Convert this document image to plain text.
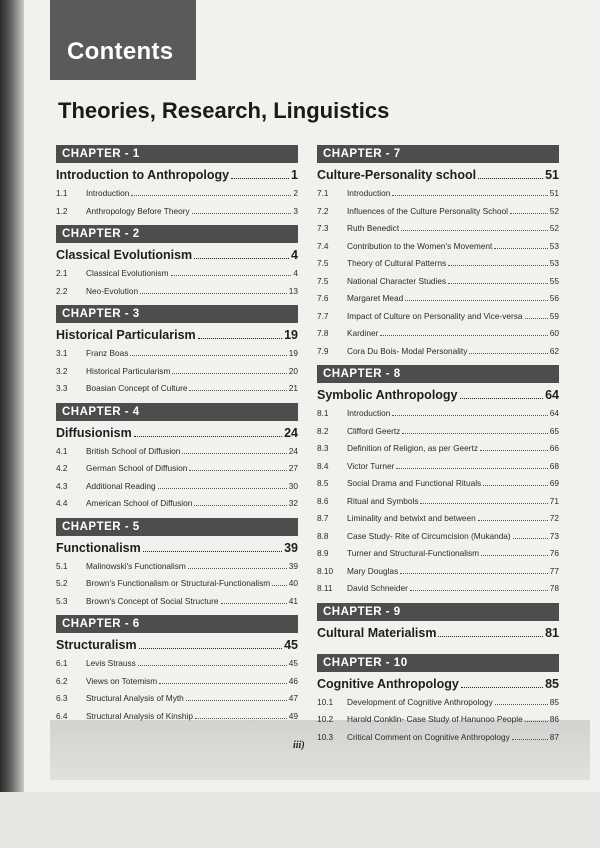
Contents
Theories, Research, Linguistics
CHAPTER - 1
Introduction to Anthropology	1
1.1	Introduction	2
1.2	Anthropology Before Theory	3
CHAPTER - 2
Classical Evolutionism	4
2.1	Classical Evolutionism	4
2.2	Neo-Evolution	13
CHAPTER - 3
Historical Particularism	19
3.1	Franz Boas	19
3.2	Historical Particularism	20
3.3	Boasian Concept of Culture	21
CHAPTER - 4
Diffusionism	24
4.1	British School of Diffusion	24
4.2	German School of Diffusion	27
4.3	Additional Reading	30
4.4	American School of Diffusion	32
CHAPTER - 5
Functionalism	39
5.1	Malinowski's Functionalism	39
5.2	Brown's Functionalism or Structural-Functionalism 40
5.3	Brown's Concept of Social Structure	41
CHAPTER - 6
Structuralism	45
6.1	Levis Strauss	45
6.2	Views on Totemism	46
6.3	Structural Analysis of Myth	47
6.4	Structural Analysis of Kinship	49
CHAPTER - 7
Culture-Personality school	51
7.1	Introduction	51
7.2	Influences of the Culture Personality School	52
7.3	Ruth Benedict	52
7.4	Contribution to the Women's Movement	53
7.5	Theory of Cultural Patterns	53
7.5	National Character Studies	55
7.6	Margaret Mead	56
7.7	Impact of Culture on Personality and Vice-versa	59
7.8	Kardiner	60
7.9	Cora Du Bois- Modal Personality	62
CHAPTER - 8
Symbolic Anthropology	64
8.1	Introduction	64
8.2	Clifford Geertz	65
8.3	Definition of Religion, as per Geertz	66
8.4	Victor Turner	68
8.5	Social Drama and Functional Rituals	69
8.6	Ritual and Symbols	71
8.7	Liminality and betwixt and between	72
8.8	Case Study- Rite of Circumcision (Mukanda)	73
8.9	Turner and Structural-Functionalism	76
8.10	Mary Douglas	77
8.11	David Schneider	78
CHAPTER - 9
Cultural Materialism	81
CHAPTER - 10
Cognitive Anthropology	85
10.1	Development of Cognitive Anthropology	85
10.2	Harold Conklin- Case Study of Hanunoo People	86
10.3	Critical Comment on Cognitive Anthropology	87
iii)
